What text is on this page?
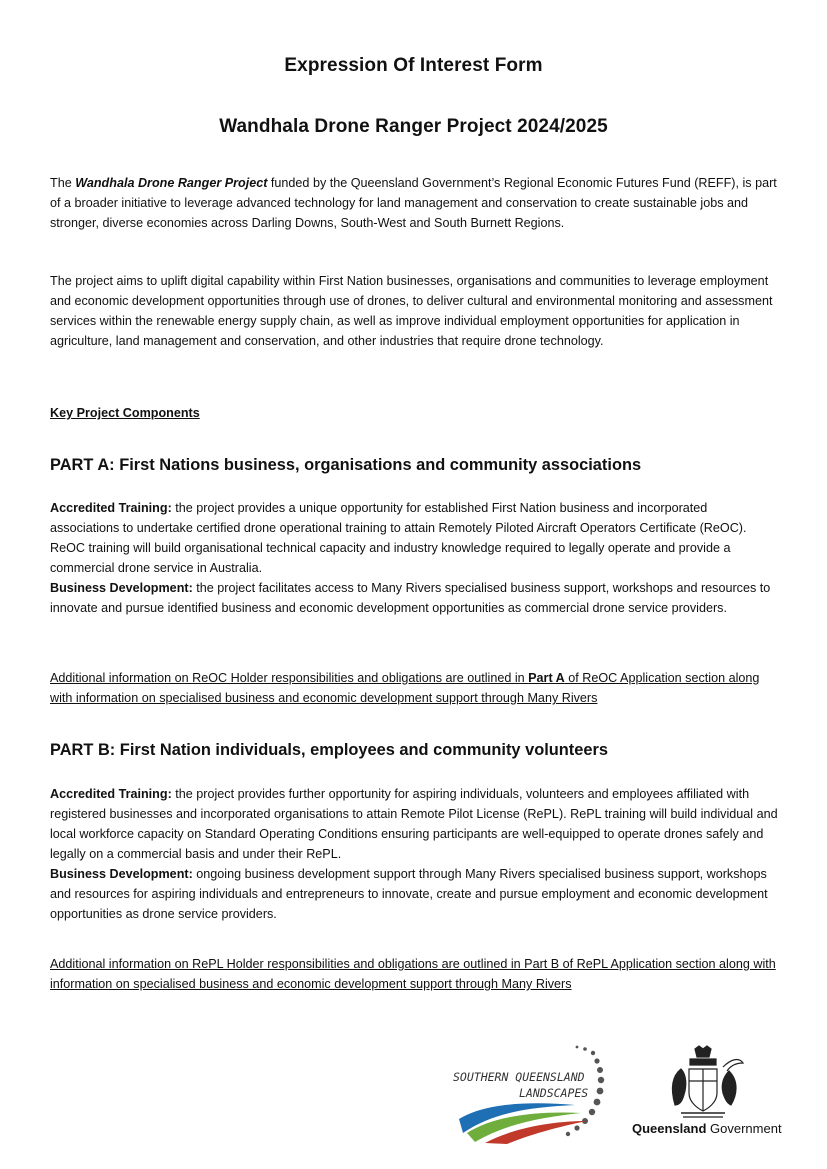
Expression Of Interest Form
Wandhala Drone Ranger Project 2024/2025

The Wandhala Drone Ranger Project funded by the Queensland Government’s Regional Economic Futures Fund (REFF), is part of a broader initiative to leverage advanced technology for land management and conservation to create sustainable jobs and stronger, diverse economies across Darling Downs, South-West and South Burnett Regions.

The project aims to uplift digital capability within First Nation businesses, organisations and communities to leverage employment and economic development opportunities through use of drones, to deliver cultural and environmental monitoring and assessment services within the renewable energy supply chain, as well as improve individual employment opportunities for application in agriculture, land management and conservation, and other industries that require drone technology.

Key Project Components

PART A: First Nations business, organisations and community associations

Accredited Training: the project provides a unique opportunity for established First Nation business and incorporated associations to undertake certified drone operational training to attain Remotely Piloted Aircraft Operators Certificate (ReOC). ReOC training will build organisational technical capacity and industry knowledge required to legally operate and provide a commercial drone service in Australia.
Business Development: the project facilitates access to Many Rivers specialised business support, workshops and resources to innovate and pursue identified business and economic development opportunities as commercial drone service providers.

Additional information on ReOC Holder responsibilities and obligations are outlined in Part A of ReOC Application section along with information on specialised business and economic development support through Many Rivers

PART B: First Nation individuals, employees and community volunteers

Accredited Training: the project provides further opportunity for aspiring individuals, volunteers and employees affiliated with registered businesses and incorporated organisations to attain Remote Pilot License (RePL). RePL training will build individual and local workforce capacity on Standard Operating Conditions ensuring participants are well-equipped to operate drones safely and legally on a commercial basis and under their RePL.
Business Development: ongoing business development support through Many Rivers specialised business support, workshops and resources for aspiring individuals and entrepreneurs to innovate, create and pursue employment and economic development opportunities as drone service providers.

Additional information on RePL Holder responsibilities and obligations are outlined in Part B of RePL Application section along with information on specialised business and economic development support through Many Rivers

SOUTHERN QUEENSLAND
LANDSCAPES
Queensland Government
